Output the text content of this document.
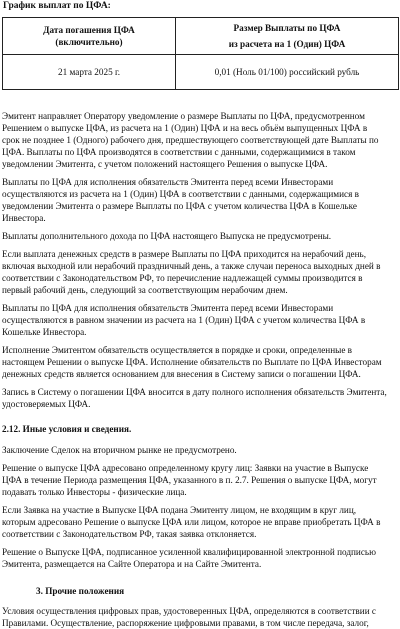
График выплат по ЦФА:
Дата погашения ЦФА
(включительно)	Размер Выплаты по ЦФА
из расчета на 1 (Один) ЦФА

21 марта 2025 г.	0,01 (Ноль 01/100) российский рубль
Эмитент направляет Оператору уведомление о размере Выплаты по ЦФА, предусмотренном
Решением о выпуске ЦФА, из расчета на 1 (Один) ЦФА и на весь объём выпущенных ЦФА в
срок не позднее 1 (Одного) рабочего дня, предшествующего соответствующей дате Выплаты по
ЦФА. Выплаты по ЦФА производятся в соответствии с данными, содержащимися в таком
уведомлении Эмитента, с учетом положений настоящего Решения о выпуске ЦФА.
Выплаты по ЦФА для исполнения обязательств Эмитента перед всеми Инвесторами
осуществляются из расчета на 1 (Один) ЦФА в соответствии с данными, содержащимися в
уведомлении Эмитента о размере Выплаты по ЦФА с учетом количества ЦФА в Кошельке
Инвестора.
Выплаты дополнительного дохода по ЦФА настоящего Выпуска не предусмотрены.
Если выплата денежных средств в размере Выплаты по ЦФА приходится на нерабочий день,
включая выходной или нерабочий праздничный день, а также случаи переноса выходных дней в
соответствии с Законодательством РФ, то перечисление надлежащей суммы производится в
первый рабочий день, следующий за соответствующим нерабочим днем.
Выплаты по ЦФА для исполнения обязательств Эмитента перед всеми Инвесторами
осуществляются в равном значении из расчета на 1 (Один) ЦФА с учетом количества ЦФА в
Кошельке Инвестора.
Исполнение Эмитентом обязательств осуществляется в порядке и сроки, определенные в
настоящем Решении о выпуске ЦФА. Исполнение обязательств по Выплате по ЦФА Инвесторам
денежных средств является основанием для внесения в Систему записи о погашении ЦФА.
Запись в Систему о погашении ЦФА вносится в дату полного исполнения обязательств Эмитента,
удостоверяемых ЦФА.
2.12. Иные условия и сведения.
Заключение Сделок на вторичном рынке не предусмотрено.
Решение о выпуске ЦФА адресовано определенному кругу лиц: Заявки на участие в Выпуске
ЦФА в течение Периода размещения ЦФА, указанного в п. 2.7. Решения о выпуске ЦФА, могут
подавать только Инвесторы - физические лица.
Если Заявка на участие в Выпуске ЦФА подана Эмитенту лицом, не входящим в круг лиц,
которым адресовано Решение о выпуске ЦФА или лицом, которое не вправе приобретать ЦФА в
соответствии с Законодательством РФ, такая заявка отклоняется.
Решение о Выпуске ЦФА, подписанное усиленной квалифицированной электронной подписью
Эмитента, размещается на Сайте Оператора и на Сайте Эмитента.
3. Прочие положения
Условия осуществления цифровых прав, удостоверенных ЦФА, определяются в соответствии с
Правилами. Осуществление, распоряжение цифровыми правами, в том числе передача, залог,
